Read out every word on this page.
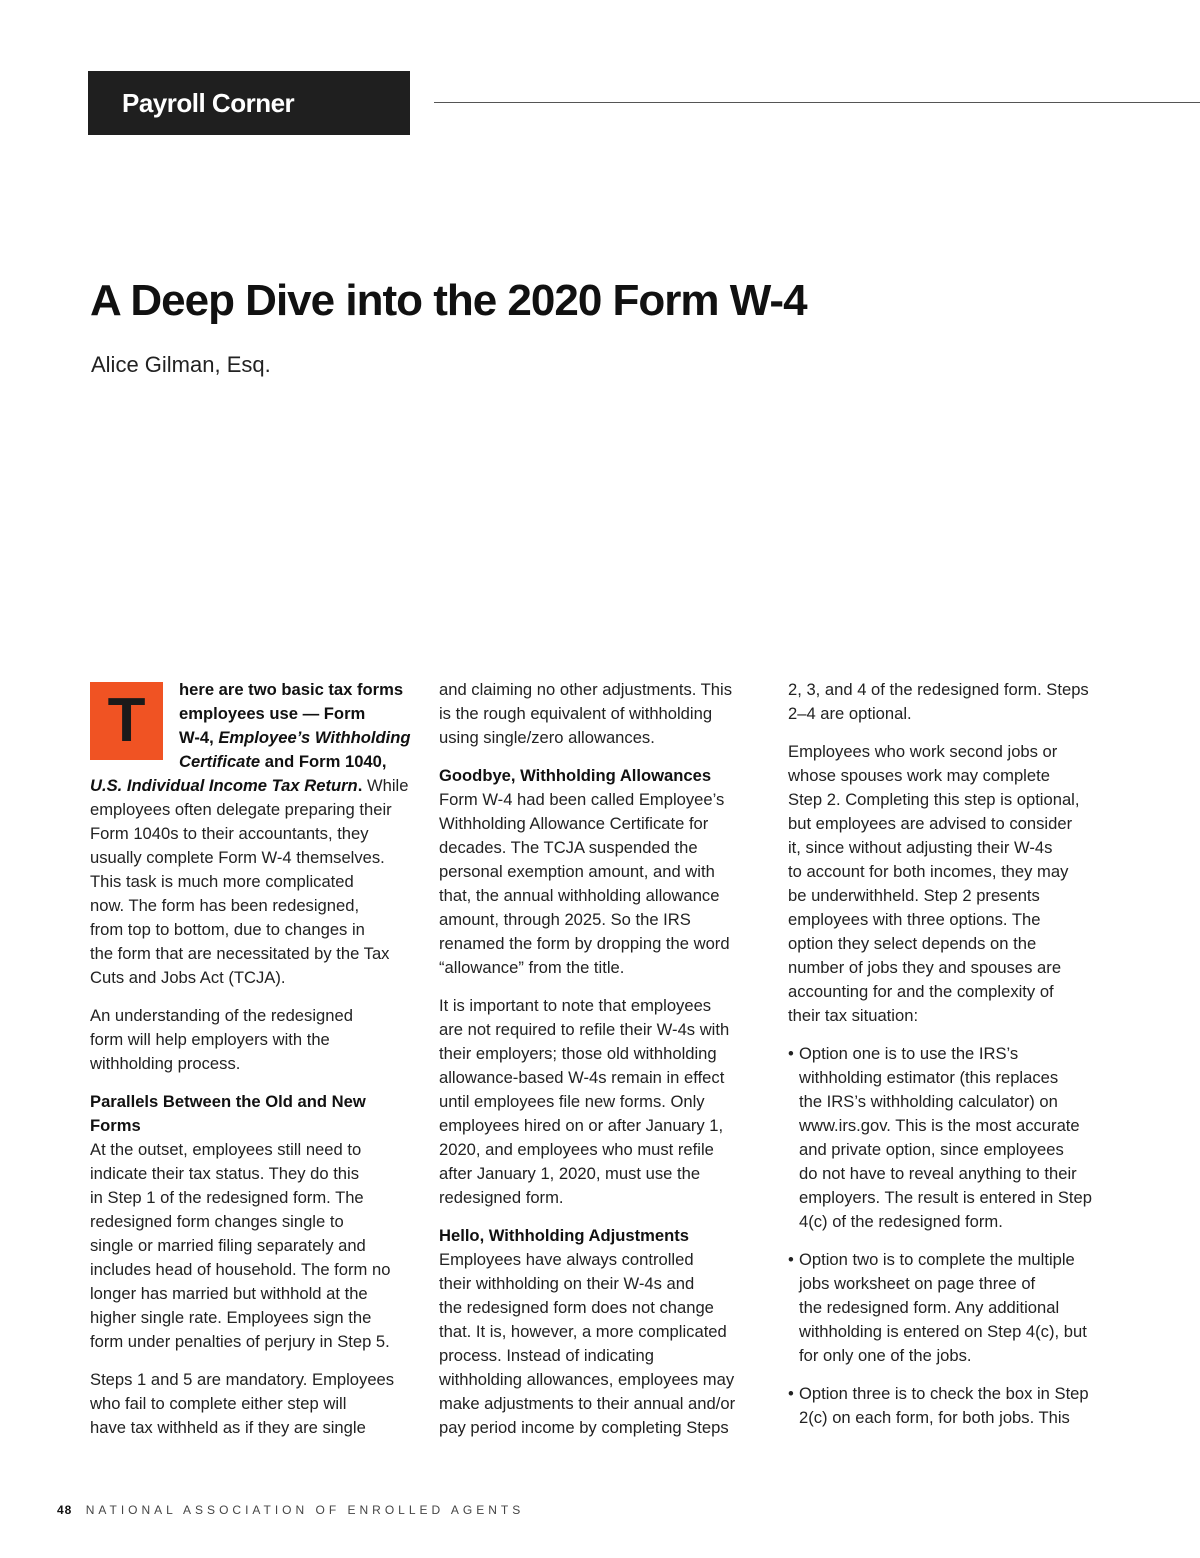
Payroll Corner
A Deep Dive into the 2020 Form W-4
Alice Gilman, Esq.
T	here are two basic tax forms
employees use — Form
W-4, Employee’s Withholding
Certificate and Form 1040,
U.S. Individual Income Tax Return. While
employees often delegate preparing their
Form 1040s to their accountants, they
usually complete Form W-4 themselves.
This task is much more complicated
now. The form has been redesigned,
from top to bottom, due to changes in
the form that are necessitated by the Tax
Cuts and Jobs Act (TCJA).
An understanding of the redesigned
form will help employers with the
withholding process.
Parallels Between the Old and New
Forms
At the outset, employees still need to
indicate their tax status. They do this
in Step 1 of the redesigned form. The
redesigned form changes single to
single or married filing separately and
includes head of household. The form no
longer has married but withhold at the
higher single rate. Employees sign the
form under penalties of perjury in Step 5.
Steps 1 and 5 are mandatory. Employees
who fail to complete either step will
have tax withheld as if they are single
and claiming no other adjustments. This
is the rough equivalent of withholding
using single/zero allowances.
Goodbye, Withholding Allowances
Form W-4 had been called Employee’s
Withholding Allowance Certificate for
decades. The TCJA suspended the
personal exemption amount, and with
that, the annual withholding allowance
amount, through 2025. So the IRS
renamed the form by dropping the word
“allowance” from the title.
It is important to note that employees
are not required to refile their W-4s with
their employers; those old withholding
allowance-based W-4s remain in effect
until employees file new forms. Only
employees hired on or after January 1,
2020, and employees who must refile
after January 1, 2020, must use the
redesigned form.
Hello, Withholding Adjustments
Employees have always controlled
their withholding on their W-4s and
the redesigned form does not change
that. It is, however, a more complicated
process. Instead of indicating
withholding allowances, employees may
make adjustments to their annual and/or
pay period income by completing Steps
2, 3, and 4 of the redesigned form. Steps
2–4 are optional.
Employees who work second jobs or
whose spouses work may complete
Step 2. Completing this step is optional,
but employees are advised to consider
it, since without adjusting their W-4s
to account for both incomes, they may
be underwithheld. Step 2 presents
employees with three options. The
option they select depends on the
number of jobs they and spouses are
accounting for and the complexity of
their tax situation:
• Option one is to use the IRS’s
withholding estimator (this replaces
the IRS’s withholding calculator) on
www.irs.gov. This is the most accurate
and private option, since employees
do not have to reveal anything to their
employers. The result is entered in Step
4(c) of the redesigned form.
• Option two is to complete the multiple
jobs worksheet on page three of
the redesigned form. Any additional
withholding is entered on Step 4(c), but
for only one of the jobs.
• Option three is to check the box in Step
2(c) on each form, for both jobs. This
48 NATIONAL ASSOCIATION OF ENROLLED AGENTS
